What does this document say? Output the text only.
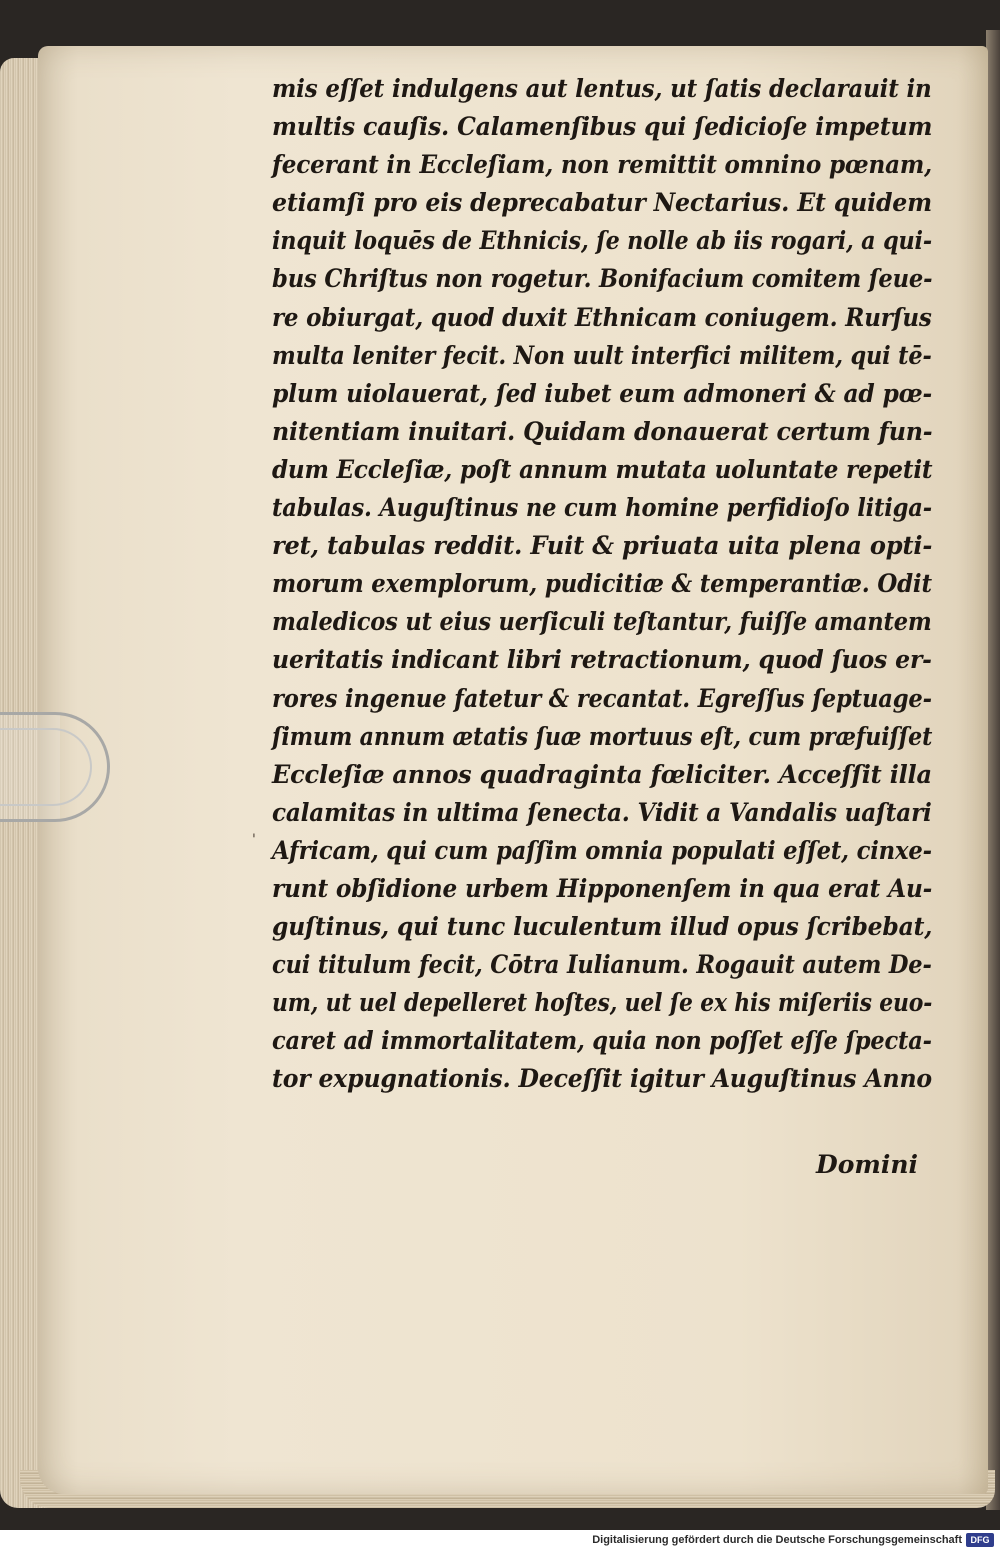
mis eſſet indulgens aut lentus, ut ſatis declarauit in
multis cauſis. Calamenſibus qui ſedicioſe impetum
fecerant in Eccleſiam, non remittit omnino pœnam,
etiamſi pro eis deprecabatur Nectarius. Et quidem
inquit loquēs de Ethnicis, ſe nolle ab iis rogari, a qui-
bus Chriſtus non rogetur. Bonifacium comitem ſeue-
re obiurgat, quod duxit Ethnicam coniugem. Rurſus
multa leniter fecit. Non uult interfici militem, qui tē-
plum uiolauerat, ſed iubet eum admoneri & ad pœ-
nitentiam inuitari. Quidam donauerat certum fun-
dum Eccleſiæ, poſt annum mutata uoluntate repetit
tabulas. Auguſtinus ne cum homine perfidioſo litiga-
ret, tabulas reddit. Fuit & priuata uita plena opti-
morum exemplorum, pudicitiæ & temperantiæ. Odit
maledicos ut eius uerſiculi teſtantur, fuiſſe amantem
ueritatis indicant libri retractionum, quod ſuos er-
rores ingenue fatetur & recantat. Egreſſus ſeptuage-
ſimum annum ætatis ſuæ mortuus eſt, cum præfuiſſet
Eccleſiæ annos quadraginta fœliciter. Acceſſit illa
calamitas in ultima ſenecta. Vidit a Vandalis uaſtari
Africam, qui cum paſſim omnia populati eſſet, cinxe-
runt obſidione urbem Hipponenſem in qua erat Au-
guſtinus, qui tunc luculentum illud opus ſcribebat,
cui titulum fecit, Cōtra Iulianum. Rogauit autem De-
um, ut uel depelleret hoſtes, uel ſe ex his miſeriis euo-
caret ad immortalitatem, quia non poſſet eſſe ſpecta-
tor expugnationis. Deceſſit igitur Auguſtinus Anno
'
Domini
Digitalisierung gefördert durch die Deutsche Forschungsgemeinschaft DFG
